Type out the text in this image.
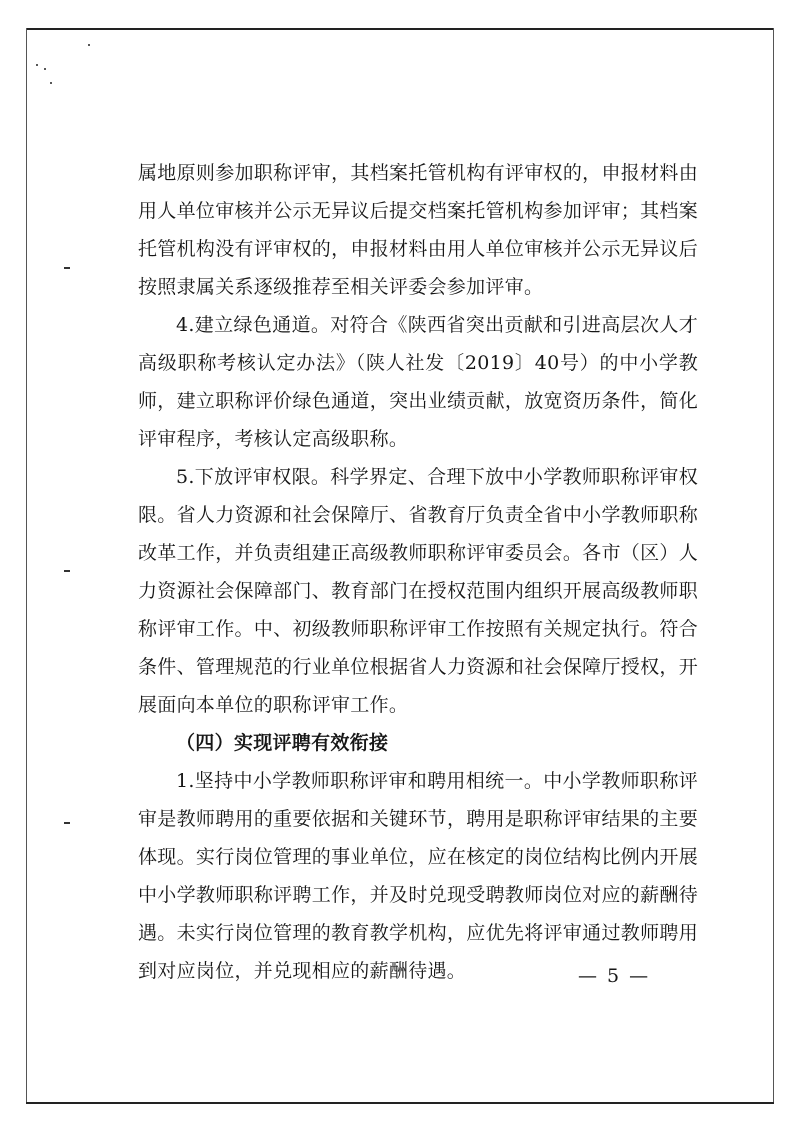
属地原则参加职称评审，其档案托管机构有评审权的，申报材料由
用人单位审核并公示无异议后提交档案托管机构参加评审；其档案
托管机构没有评审权的，申报材料由用人单位审核并公示无异议后
按照隶属关系逐级推荐至相关评委会参加评审。
4.建立绿色通道。对符合《陕西省突出贡献和引进高层次人才
高级职称考核认定办法》（陕人社发〔2019〕40号）的中小学教
师，建立职称评价绿色通道，突出业绩贡献，放宽资历条件，简化
评审程序，考核认定高级职称。
5.下放评审权限。科学界定、合理下放中小学教师职称评审权
限。省人力资源和社会保障厅、省教育厅负责全省中小学教师职称
改革工作，并负责组建正高级教师职称评审委员会。各市（区）人
力资源社会保障部门、教育部门在授权范围内组织开展高级教师职
称评审工作。中、初级教师职称评审工作按照有关规定执行。符合
条件、管理规范的行业单位根据省人力资源和社会保障厅授权，开
展面向本单位的职称评审工作。
（四）实现评聘有效衔接
1.坚持中小学教师职称评审和聘用相统一。中小学教师职称评
审是教师聘用的重要依据和关键环节，聘用是职称评审结果的主要
体现。实行岗位管理的事业单位，应在核定的岗位结构比例内开展
中小学教师职称评聘工作，并及时兑现受聘教师岗位对应的薪酬待
遇。未实行岗位管理的教育教学机构，应优先将评审通过教师聘用
到对应岗位，并兑现相应的薪酬待遇。	— 5 —
